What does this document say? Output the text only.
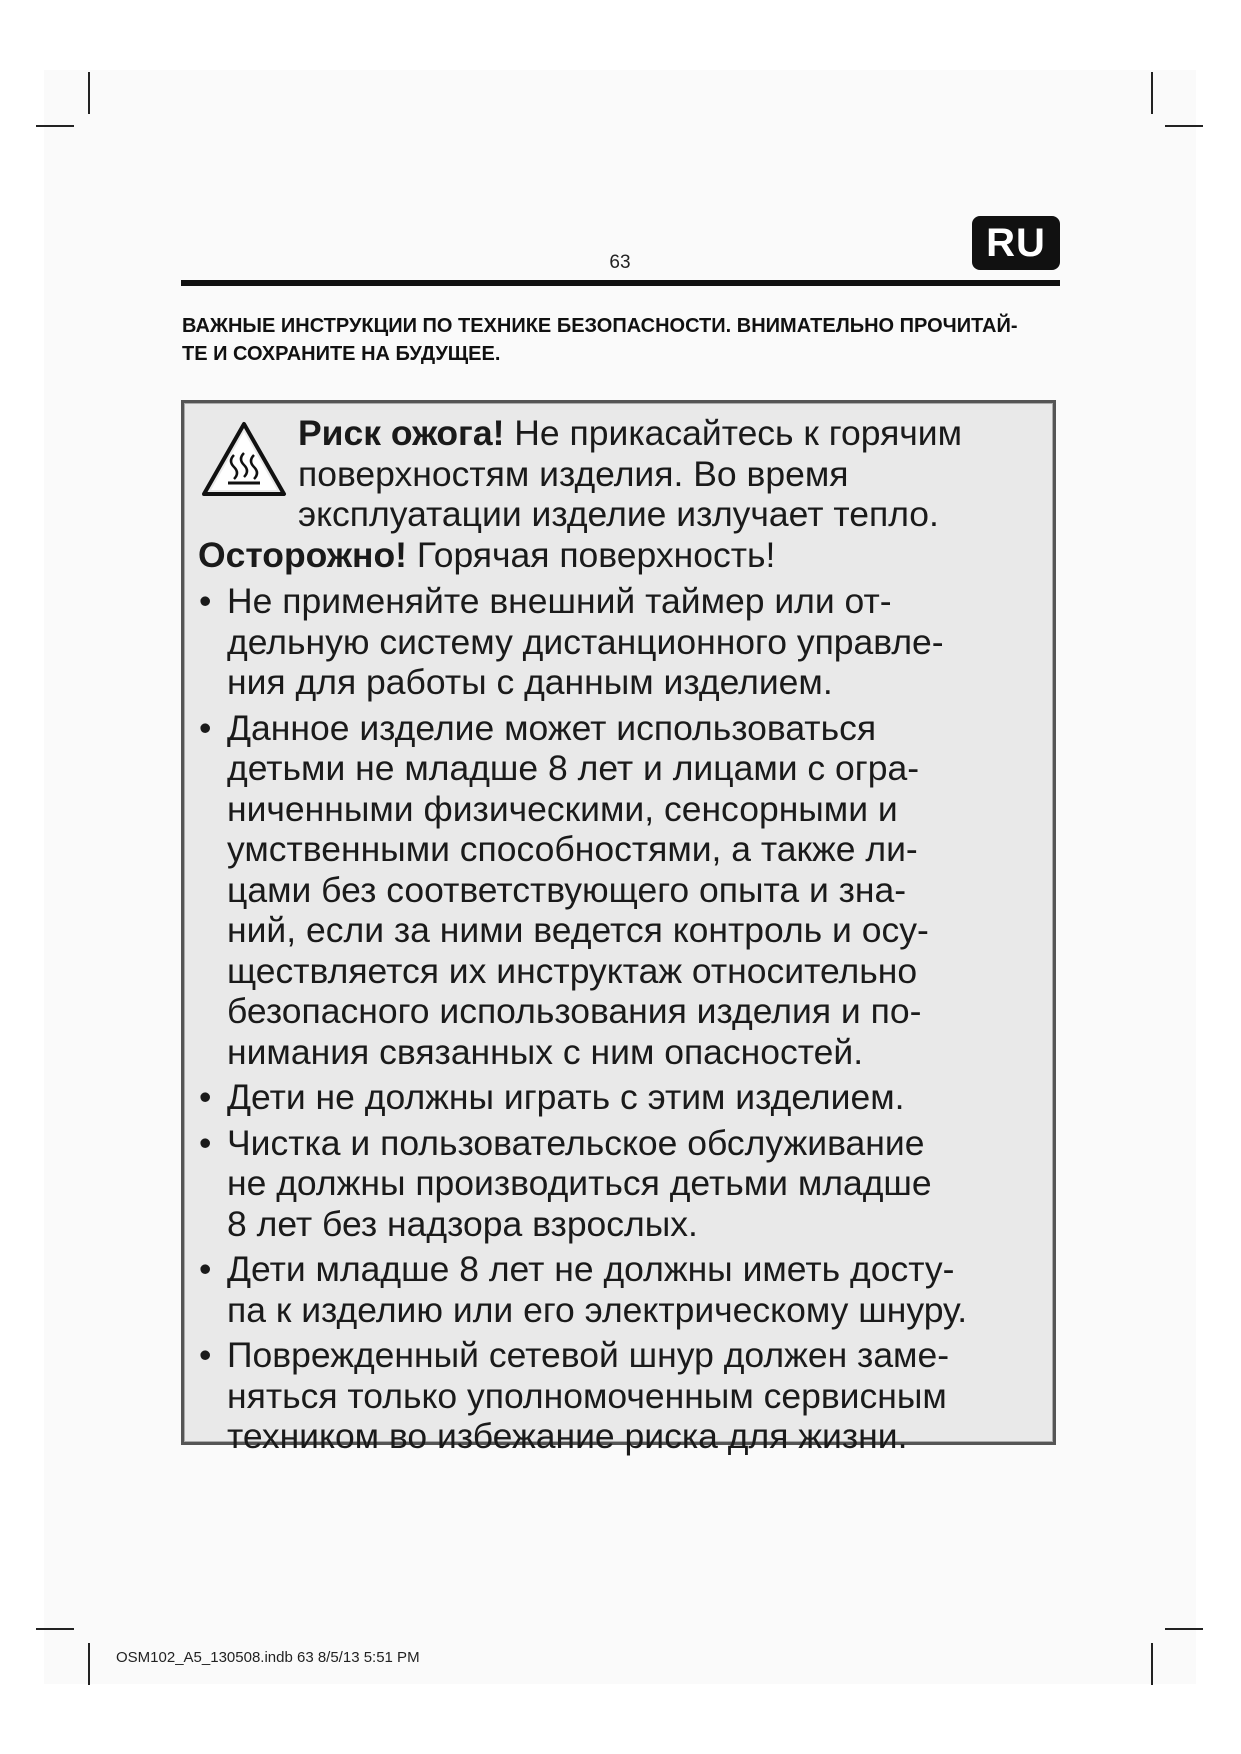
63	RU
ВАЖНЫЕ ИНСТРУКЦИИ ПО ТЕХНИКЕ БЕЗОПАСНОСТИ. ВНИМАТЕЛЬНО ПРОЧИТАЙ- ТЕ И СОХРАНИТЕ НА БУДУЩЕЕ.

Риск ожога! Не прикасайтесь к горячим поверхностям изделия. Во время эксплуатации изделие излучает тепло. Осторожно! Горячая поверхность!

• Не применяйте внешний таймер или от-
дельную систему дистанционного управле-
ния для работы с данным изделием.
• Данное изделие может использоваться
детьми не младше 8 лет и лицами с огра-
ниченными физическими, сенсорными и
умственными способностями, а также ли-
цами без соответствующего опыта и зна-
ний, если за ними ведется контроль и осу-
ществляется их инструктаж относительно
безопасного использования изделия и по-
нимания связанных с ним опасностей.
• Дети не должны играть с этим изделием.
• Чистка и пользовательское обслуживание
не должны производиться детьми младше
8 лет без надзора взрослых.
• Дети младше 8 лет не должны иметь досту-
па к изделию или его электрическому шнуру.
• Поврежденный сетевой шнур должен заме-
няться только уполномоченным сервисным
техником во избежание риска для жизни.
OSM102_A5_130508.indb 63 8/5/13 5:51 PM
